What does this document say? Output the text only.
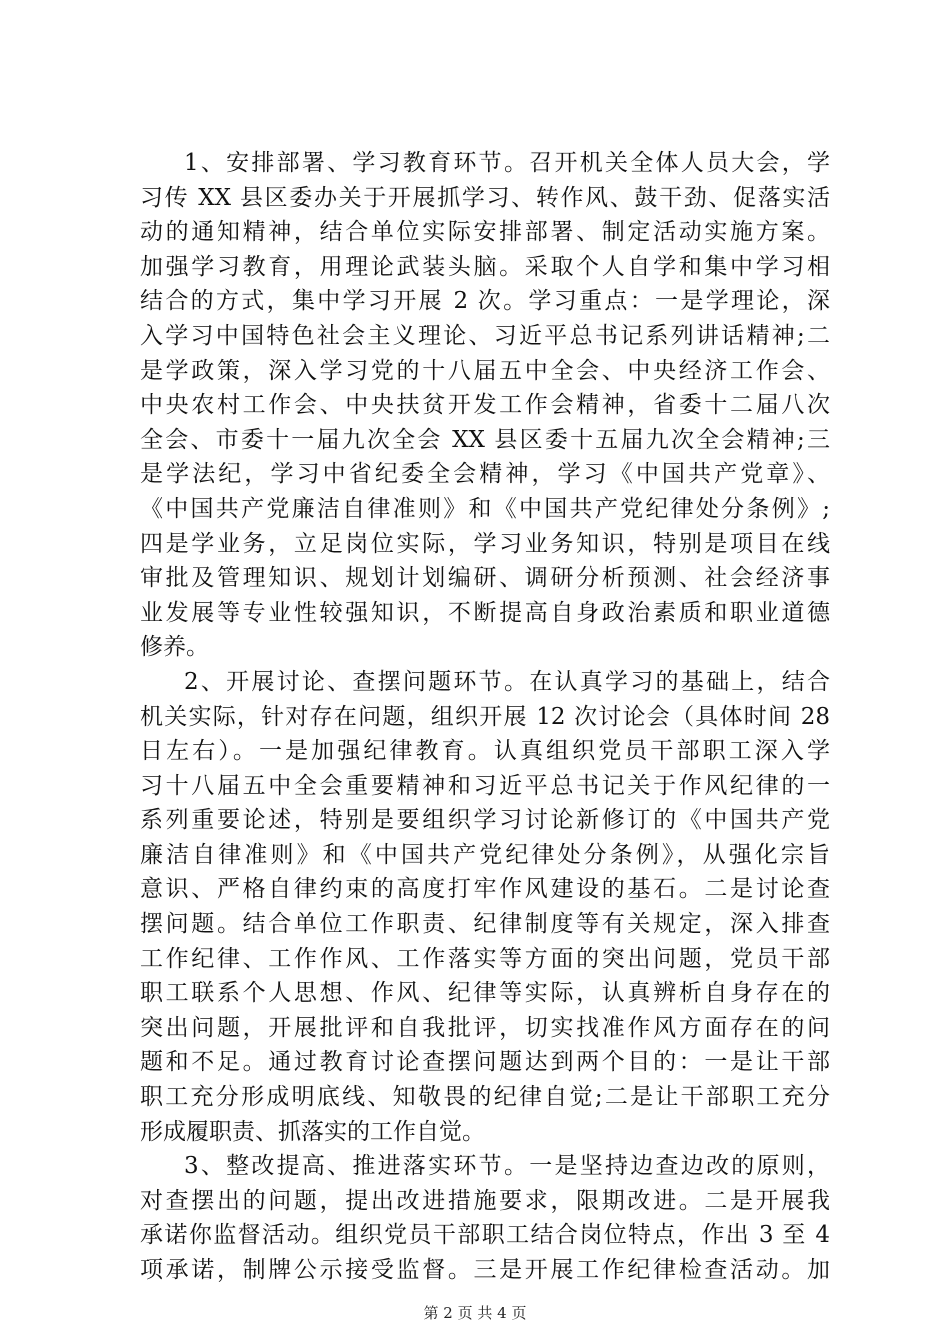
1、安排部署、学习教育环节。召开机关全体人员大会，学
习传 XX 县区委办关于开展抓学习、转作风、鼓干劲、促落实活
动的通知精神，结合单位实际安排部署、制定活动实施方案。
加强学习教育，用理论武装头脑。采取个人自学和集中学习相
结合的方式，集中学习开展 2 次。学习重点：一是学理论，深
入学习中国特色社会主义理论、习近平总书记系列讲话精神;二
是学政策，深入学习党的十八届五中全会、中央经济工作会、
中央农村工作会、中央扶贫开发工作会精神，省委十二届八次
全会、市委十一届九次全会 XX 县区委十五届九次全会精神;三
是学法纪，学习中省纪委全会精神，学习《中国共产党章》、
《中国共产党廉洁自律准则》和《中国共产党纪律处分条例》;
四是学业务，立足岗位实际，学习业务知识，特别是项目在线
审批及管理知识、规划计划编研、调研分析预测、社会经济事
业发展等专业性较强知识，不断提高自身政治素质和职业道德
修养。
2、开展讨论、查摆问题环节。在认真学习的基础上，结合
机关实际，针对存在问题，组织开展 12 次讨论会（具体时间 28
日左右）。一是加强纪律教育。认真组织党员干部职工深入学
习十八届五中全会重要精神和习近平总书记关于作风纪律的一
系列重要论述，特别是要组织学习讨论新修订的《中国共产党
廉洁自律准则》和《中国共产党纪律处分条例》，从强化宗旨
意识、严格自律约束的高度打牢作风建设的基石。二是讨论查
摆问题。结合单位工作职责、纪律制度等有关规定，深入排查
工作纪律、工作作风、工作落实等方面的突出问题，党员干部
职工联系个人思想、作风、纪律等实际，认真辨析自身存在的
突出问题，开展批评和自我批评，切实找准作风方面存在的问
题和不足。通过教育讨论查摆问题达到两个目的：一是让干部
职工充分形成明底线、知敬畏的纪律自觉;二是让干部职工充分
形成履职责、抓落实的工作自觉。
3、整改提高、推进落实环节。一是坚持边查边改的原则，
对查摆出的问题，提出改进措施要求，限期改进。二是开展我
承诺你监督活动。组织党员干部职工结合岗位特点，作出 3 至 4
项承诺，制牌公示接受监督。三是开展工作纪律检查活动。加
第 2 页 共 4 页
